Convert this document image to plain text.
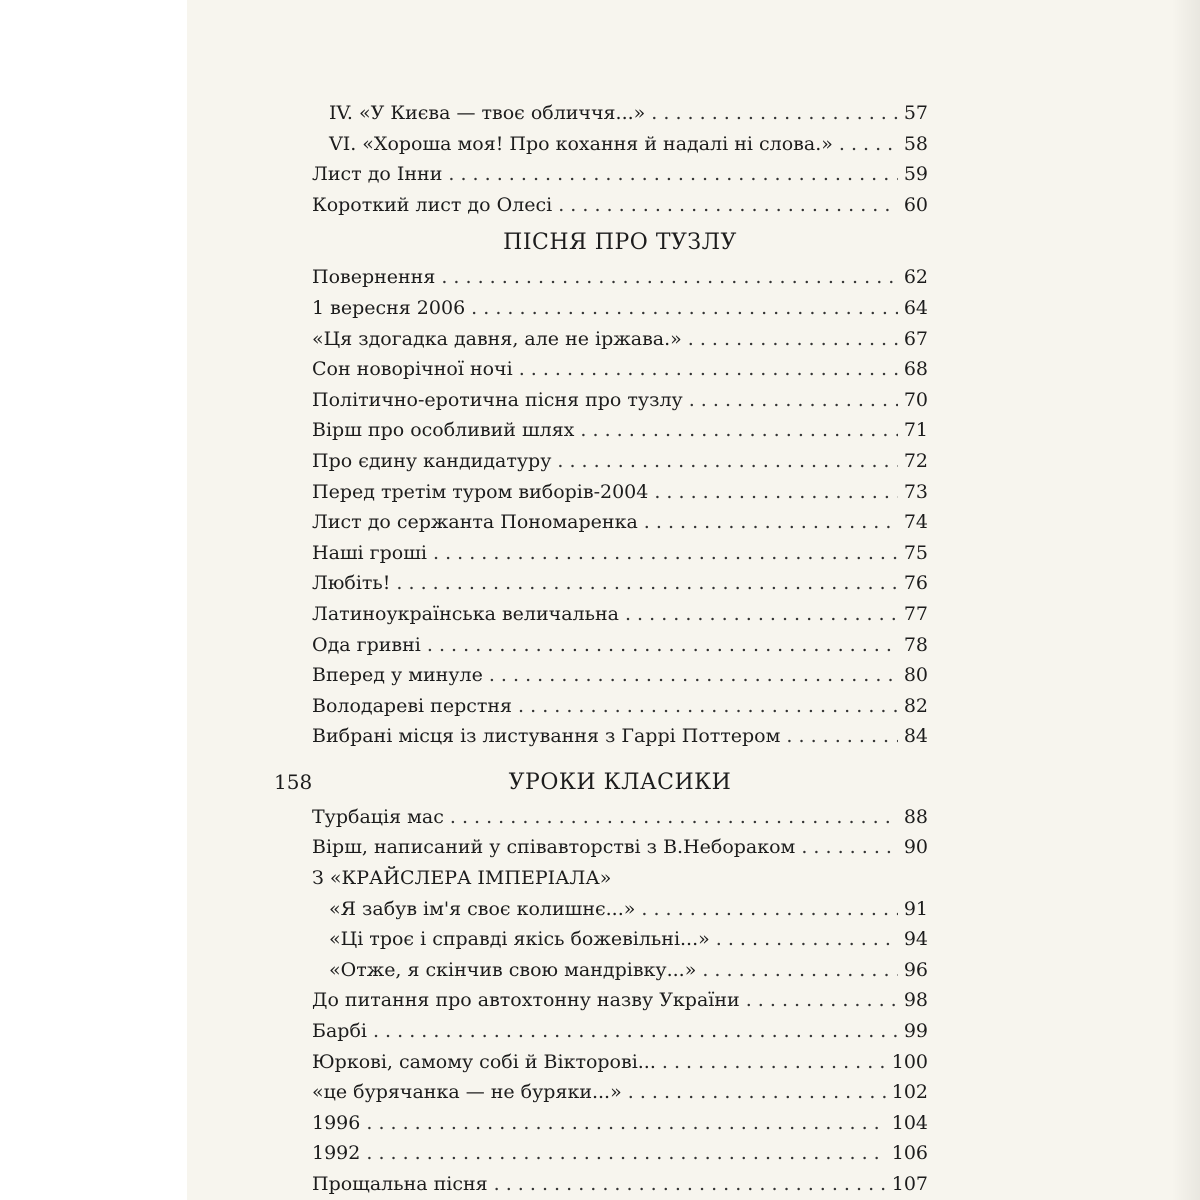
IV. «У Києва — твоє обличчя...» . . .	57
VI. «Хороша моя! Про кохання й надалі ні слова.» . . .	58
Лист до Інни . . .	59
Короткий лист до Олесі . . .	60
ПІСНЯ ПРО ТУЗЛУ
Повернення . . .	62
1 вересня 2006 . . .	64
«Ця здогадка давня, але не іржава.» . . .	67
Сон новорічної ночі . . .	68
Політично-еротична пісня про тузлу . . .	70
Вірш про особливий шлях . . .	71
Про єдину кандидатуру . . .	72
Перед третім туром виборів-2004 . . .	73
Лист до сержанта Пономаренка . . .	74
Наші гроші . . .	75
Любіть! . . .	76
Латиноукраїнська величальна . . .	77
Ода гривні . . .	78
Вперед у минуле . . .	80
Володареві перстня . . .	82
Вибрані місця із листування з Гаррі Поттером . . .	84
УРОКИ КЛАСИКИ
Турбація мас . . .	88
Вірш, написаний у співавторстві з В.Небораком . . .	90
З «КРАЙСЛЕРА ІМПЕРІАЛА»
«Я забув ім'я своє колишнє...» . . .	91
«Ці троє і справді якісь божевільні...» . . .	94
«Отже, я скінчив свою мандрівку...» . . .	96
До питання про автохтонну назву України . . .	98
Барбі . . .	99
Юркові, самому собі й Вікторові... . . .	100
«це бурячанка — не буряки...» . . .	102
1996 . . .	104
1992 . . .	106
Прощальна пісня . . .	107
158
